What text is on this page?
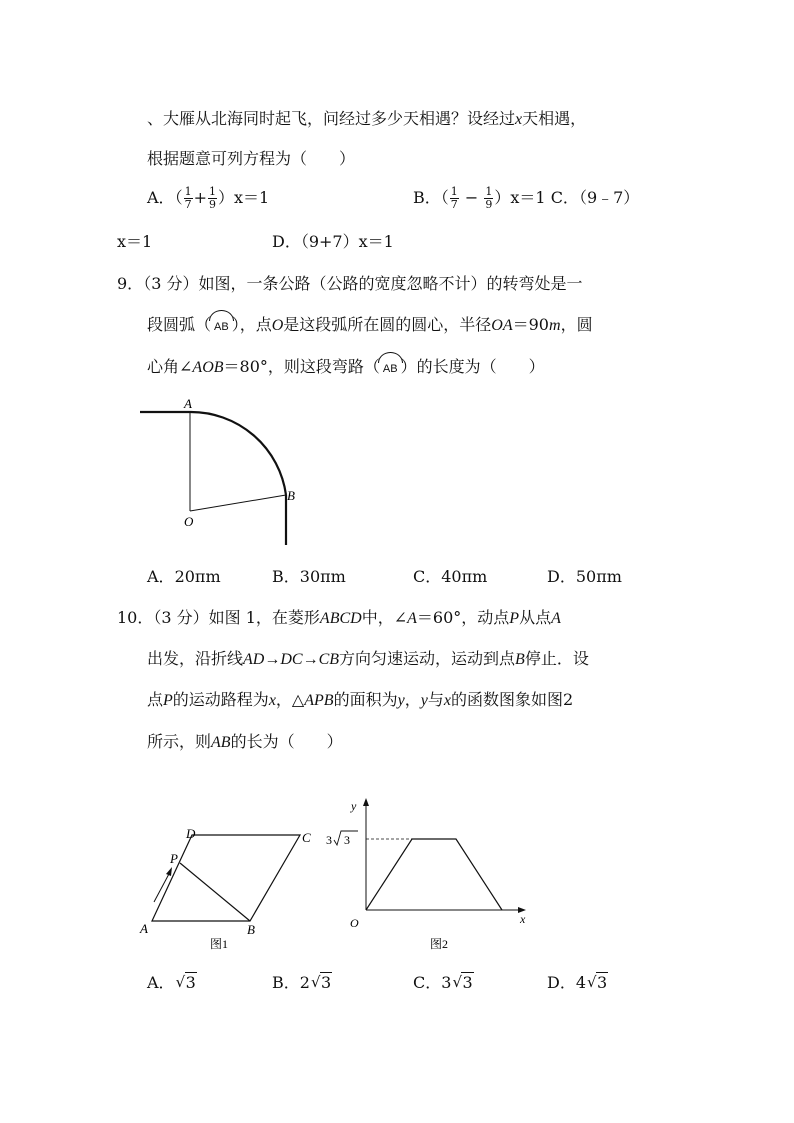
、大雁从北海同时起飞，问经过多少天相遇？设经过x天相遇，
根据题意可列方程为（　　）
A．（ $\frac{1}{7} + \frac{1}{9} )x=1$	B．（ $\frac{1}{7} - \frac{1}{9} )x=1$ C．（9﹣7）
x＝1	D．（9+7）x＝1
9．（3 分）如图，一条公路（公路的宽度忽略不计）的转弯处是一
段圆弧（ AB ），点O是这段弧所在圆的圆心，半径OA＝90m，圆
心角∠AOB＝80°，则这段弯路（ AB ）的长度为（　　）
A
B
O
A．20πm	B．30πm	C．40πm	D．50πm
10．（3 分）如图 1，在菱形ABCD中，∠A＝60°，动点P从点A
出发，沿折线AD→DC→CB方向匀速运动，运动到点B停止．设
点P的运动路程为x，△APB的面积为y，y与x的函数图象如图2
所示，则AB的长为（　　）
A	B
C
D
P
图1
y
x
O
3 3
图2
A． √ 3	B．2 √ 3	C．3 √ 3	D．4 √ 3
